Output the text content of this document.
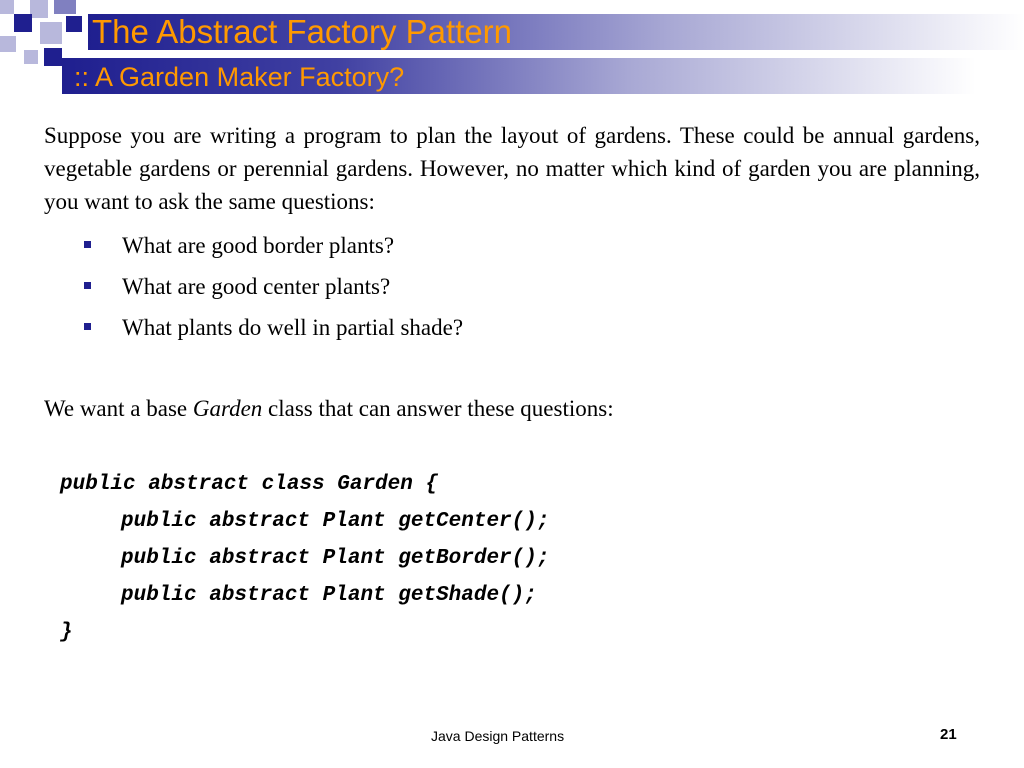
The Abstract Factory Pattern
:: A Garden Maker Factory?

Suppose you are writing a program to plan the layout of gardens. These could be annual gardens, vegetable gardens or perennial gardens. However, no matter which kind of garden you are planning, you want to ask the same questions:

What are good border plants?
What are good center plants?
What plants do well in partial shade?

We want a base Garden class that can answer these questions:

public abstract class Garden {
public abstract Plant getCenter();
public abstract Plant getBorder();
public abstract Plant getShade();
}
Java Design Patterns	21
